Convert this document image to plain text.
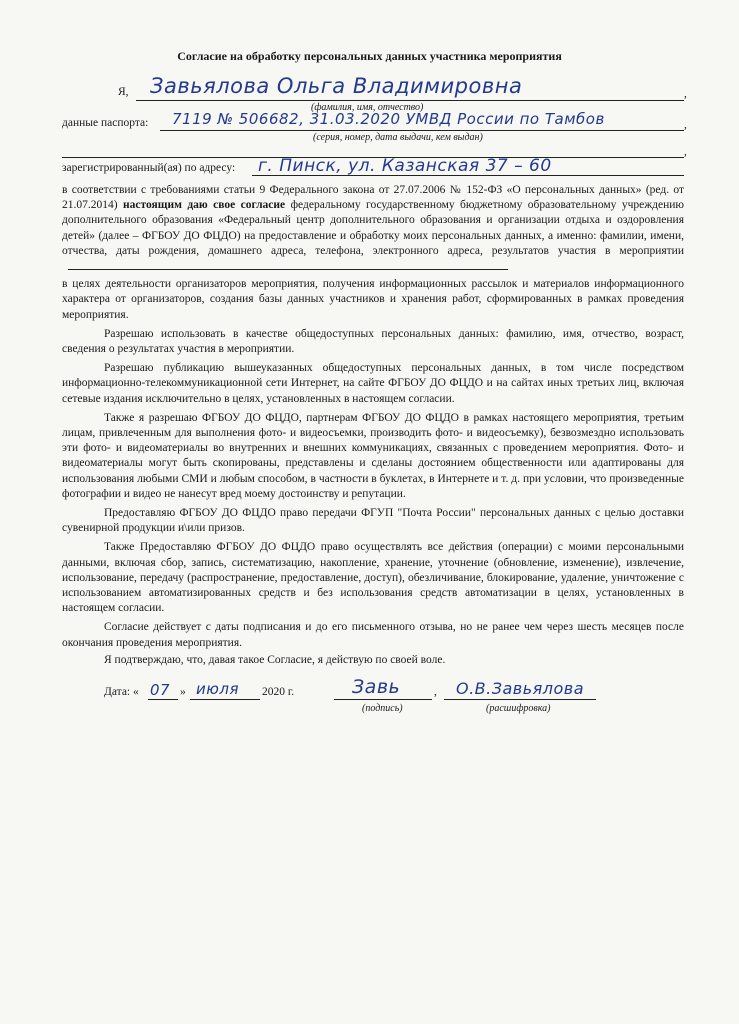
Согласие на обработку персональных данных участника мероприятия
Я,	,
Завьялова Ольга Владимировна
(фамилия, имя, отчество)
данные паспорта:	,
7119 № 506682, 31.03.2020 УМВД России по Тамбов
(серия, номер, дата выдачи, кем выдан)
,
зарегистрированный(ая) по адресу: г. Пинск, ул. Казанская 37 – 60

в соответствии с требованиями статьи 9 Федерального закона от 27.07.2006 № 152-ФЗ «О персональных данных» (ред. от 21.07.2014) настоящим даю свое согласие федеральному государственному бюджетному образовательному учреждению дополнительного образования «Федеральный центр дополнительного образования и организации отдыха и оздоровления детей» (далее – ФГБОУ ДО ФЦДО) на предоставление и обработку моих персональных данных, а именно: фамилии, имени, отчества, даты рождения, домашнего адреса, телефона, электронного адреса, результатов участия в мероприятии

в целях деятельности организаторов мероприятия, получения информационных рассылок и материалов информационного характера от организаторов, создания базы данных участников и хранения работ, сформированных в рамках проведения мероприятия.

Разрешаю использовать в качестве общедоступных персональных данных: фамилию, имя, отчество, возраст, сведения о результатах участия в мероприятии.

Разрешаю публикацию вышеуказанных общедоступных персональных данных, в том числе посредством информационно-телекоммуникационной сети Интернет, на сайте ФГБОУ ДО ФЦДО и на сайтах иных третьих лиц, включая сетевые издания исключительно в целях, установленных в настоящем согласии.

Также я разрешаю ФГБОУ ДО ФЦДО, партнерам ФГБОУ ДО ФЦДО в рамках настоящего мероприятия, третьим лицам, привлеченным для выполнения фото- и видеосъемки, производить фото- и видеосъемку), безвозмездно использовать эти фото- и видеоматериалы во внутренних и внешних коммуникациях, связанных с проведением мероприятия. Фото- и видеоматериалы могут быть скопированы, представлены и сделаны достоянием общественности или адаптированы для использования любыми СМИ и любым способом, в частности в буклетах, в Интернете и т. д. при условии, что произведенные фотографии и видео не нанесут вред моему достоинству и репутации.

Предоставляю ФГБОУ ДО ФЦДО право передачи ФГУП "Почта России" персональных данных с целью доставки сувенирной продукции и\или призов.

Также Предоставляю ФГБОУ ДО ФЦДО право осуществлять все действия (операции) с моими персональными данными, включая сбор, запись, систематизацию, накопление, хранение, уточнение (обновление, изменение), извлечение, использование, передачу (распространение, предоставление, доступ), обезличивание, блокирование, удаление, уничтожение с использованием автоматизированных средств и без использования средств автоматизации в целях, установленных в настоящем согласии.

Согласие действует с даты подписания и до его письменного отзыва, но не ранее чем через шесть месяцев после окончания проведения мероприятия.

Я подтверждаю, что, давая такое Согласие, я действую по своей воле.

Дата: « 07 » июля 2020 г.	Завь	, О.В.Завьялова
(подпись)	(расшифровка)
